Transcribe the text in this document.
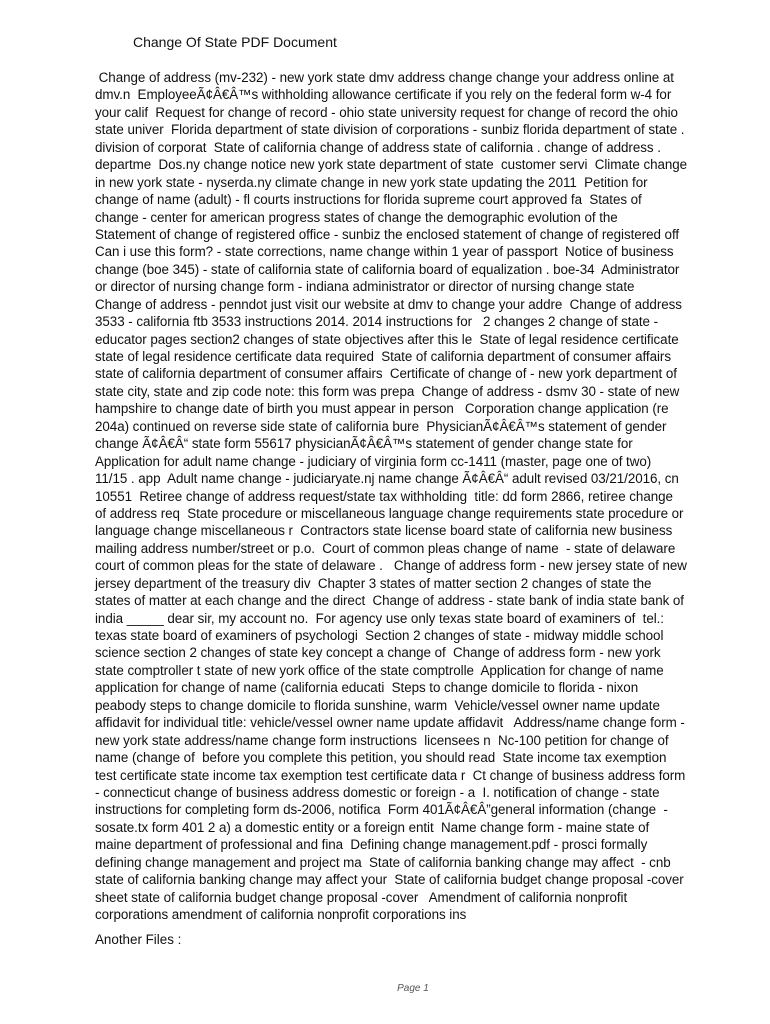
Change Of State PDF Document
Change of address (mv-232) - new york state dmv address change change your address online at
dmv.n  EmployeeÃ¢Â€Â™s withholding allowance certificate if you rely on the federal form w-4 for
your calif  Request for change of record - ohio state university request for change of record the ohio
state univer  Florida department of state division of corporations - sunbiz florida department of state .
division of corporat  State of california change of address state of california . change of address .
departme  Dos.ny change notice new york state department of state  customer servi  Climate change
in new york state - nyserda.ny climate change in new york state updating the 2011  Petition for
change of name (adult) - fl courts instructions for florida supreme court approved fa  States of
change - center for american progress states of change the demographic evolution of the
Statement of change of registered office - sunbiz the enclosed statement of change of registered off
Can i use this form? - state corrections, name change within 1 year of passport  Notice of business
change (boe 345) - state of california state of california board of equalization . boe-34  Administrator
or director of nursing change form - indiana administrator or director of nursing change state
Change of address - penndot just visit our website at dmv to change your addre  Change of address
3533 - california ftb 3533 instructions 2014. 2014 instructions for   2 changes 2 change of state -
educator pages section2 changes of state objectives after this le  State of legal residence certificate
state of legal residence certificate data required  State of california department of consumer affairs
state of california department of consumer affairs  Certificate of change of - new york department of
state city, state and zip code note: this form was prepa  Change of address - dsmv 30 - state of new
hampshire to change date of birth you must appear in person   Corporation change application (re
204a) continued on reverse side state of california bure  PhysicianÃ¢Â€Â™s statement of gender
change Ã¢Â€Â“ state form 55617 physicianÃ¢Â€Â™s statement of gender change state for
Application for adult name change - judiciary of virginia form cc-1411 (master, page one of two)
11/15 . app  Adult name change - judiciaryate.nj name change Ã¢Â€Â“ adult revised 03/21/2016, cn
10551  Retiree change of address request/state tax withholding  title: dd form 2866, retiree change
of address req  State procedure or miscellaneous language change requirements state procedure or
language change miscellaneous r  Contractors state license board state of california new business
mailing address number/street or p.o.  Court of common pleas change of name  - state of delaware
court of common pleas for the state of delaware .   Change of address form - new jersey state of new
jersey department of the treasury div  Chapter 3 states of matter section 2 changes of state the
states of matter at each change and the direct  Change of address - state bank of india state bank of
india _____ dear sir, my account no.  For agency use only texas state board of examiners of  tel.:
texas state board of examiners of psychologi  Section 2 changes of state - midway middle school
science section 2 changes of state key concept a change of  Change of address form - new york
state comptroller t state of new york office of the state comptrolle  Application for change of name
application for change of name (california educati  Steps to change domicile to florida - nixon
peabody steps to change domicile to florida sunshine, warm  Vehicle/vessel owner name update
affidavit for individual title: vehicle/vessel owner name update affidavit   Address/name change form -
new york state address/name change form instructions  licensees n  Nc-100 petition for change of
name (change of  before you complete this petition, you should read  State income tax exemption
test certificate state income tax exemption test certificate data r  Ct change of business address form
- connecticut change of business address domestic or foreign - a  I. notification of change - state
instructions for completing form ds-2006, notifica  Form 401Ã¢Â€Â”general information (change  -
sosate.tx form 401 2 a) a domestic entity or a foreign entit  Name change form - maine state of
maine department of professional and fina  Defining change management.pdf - prosci formally
defining change management and project ma  State of california banking change may affect  - cnb
state of california banking change may affect your  State of california budget change proposal -cover
sheet state of california budget change proposal -cover   Amendment of california nonprofit
corporations amendment of california nonprofit corporations ins

Another Files :

Page 1
